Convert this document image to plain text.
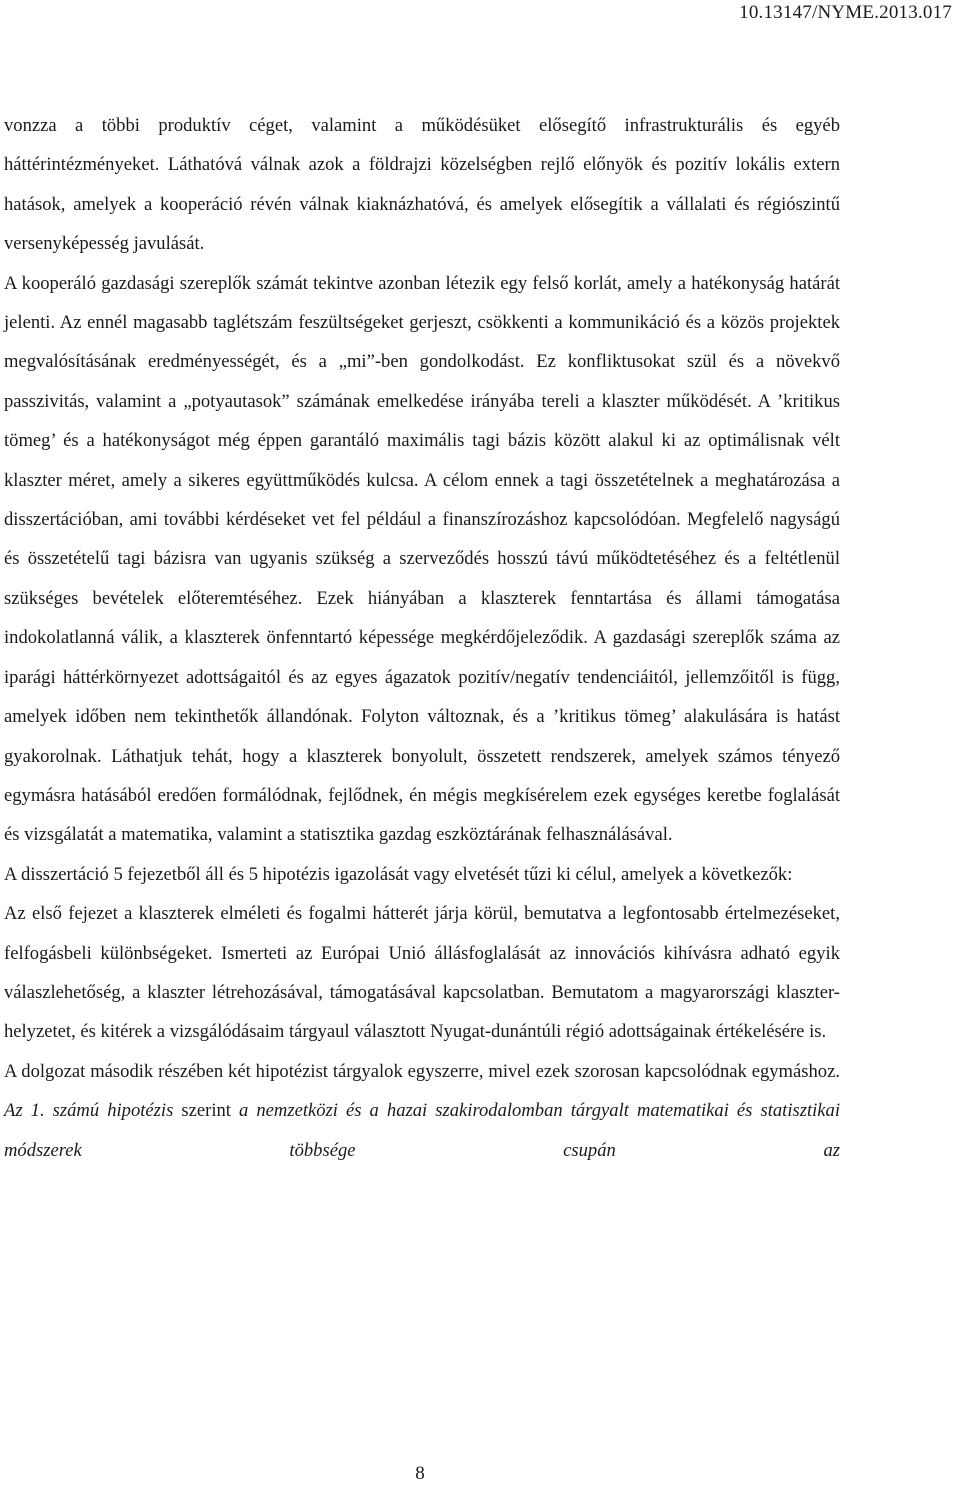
10.13147/NYME.2013.017

vonzza a többi produktív céget, valamint a működésüket elősegítő infrastrukturális és egyéb háttérintézményeket. Láthatóvá válnak azok a földrajzi közelségben rejlő előnyök és pozitív lokális extern hatások, amelyek a kooperáció révén válnak kiaknázhatóvá, és amelyek elősegítik a vállalati és régiószintű versenyképesség javulását.

A kooperáló gazdasági szereplők számát tekintve azonban létezik egy felső korlát, amely a hatékonyság határát jelenti. Az ennél magasabb taglétszám feszültségeket gerjeszt, csökkenti a kommunikáció és a közös projektek megvalósításának eredményességét, és a „mi”-ben gondolkodást. Ez konfliktusokat szül és a növekvő passzivitás, valamint a „potyautasok” számának emelkedése irányába tereli a klaszter működését. A ’kritikus tömeg’ és a hatékonyságot még éppen garantáló maximális tagi bázis között alakul ki az optimálisnak vélt klaszter méret, amely a sikeres együttműködés kulcsa. A célom ennek a tagi összetételnek a meghatározása a disszertációban, ami további kérdéseket vet fel például a finanszírozáshoz kapcsolódóan. Megfelelő nagyságú és összetételű tagi bázisra van ugyanis szükség a szerveződés hosszú távú működtetéséhez és a feltétlenül szükséges bevételek előteremtéséhez. Ezek hiányában a klaszterek fenntartása és állami támogatása indokolatlanná válik, a klaszterek önfenntartó képessége megkérdőjeleződik. A gazdasági szereplők száma az iparági háttérkörnyezet adottságaitól és az egyes ágazatok pozitív/negatív tendenciáitól, jellemzőitől is függ, amelyek időben nem tekinthetők állandónak. Folyton változnak, és a ’kritikus tömeg’ alakulására is hatást gyakorolnak. Láthatjuk tehát, hogy a klaszterek bonyolult, összetett rendszerek, amelyek számos tényező egymásra hatásából eredően formálódnak, fejlődnek, én mégis megkísérelem ezek egységes keretbe foglalását és vizsgálatát a matematika, valamint a statisztika gazdag eszköztárának felhasználásával.

A disszertáció 5 fejezetből áll és 5 hipotézis igazolását vagy elvetését tűzi ki célul, amelyek a következők:

Az első fejezet a klaszterek elméleti és fogalmi hátterét járja körül, bemutatva a legfontosabb értelmezéseket, felfogásbeli különbségeket. Ismerteti az Európai Unió állásfoglalását az innovációs kihívásra adható egyik válaszlehetőség, a klaszter létrehozásával, támogatásával kapcsolatban. Bemutatom a magyarországi klaszter-helyzetet, és kitérek a vizsgálódásaim tárgyaul választott Nyugat-dunántúli régió adottságainak értékelésére is.

A dolgozat második részében két hipotézist tárgyalok egyszerre, mivel ezek szorosan kapcsolódnak egymáshoz. Az 1. számú hipotézis szerint a nemzetközi és a hazai szakirodalomban tárgyalt matematikai és statisztikai módszerek többsége csupán az

8
